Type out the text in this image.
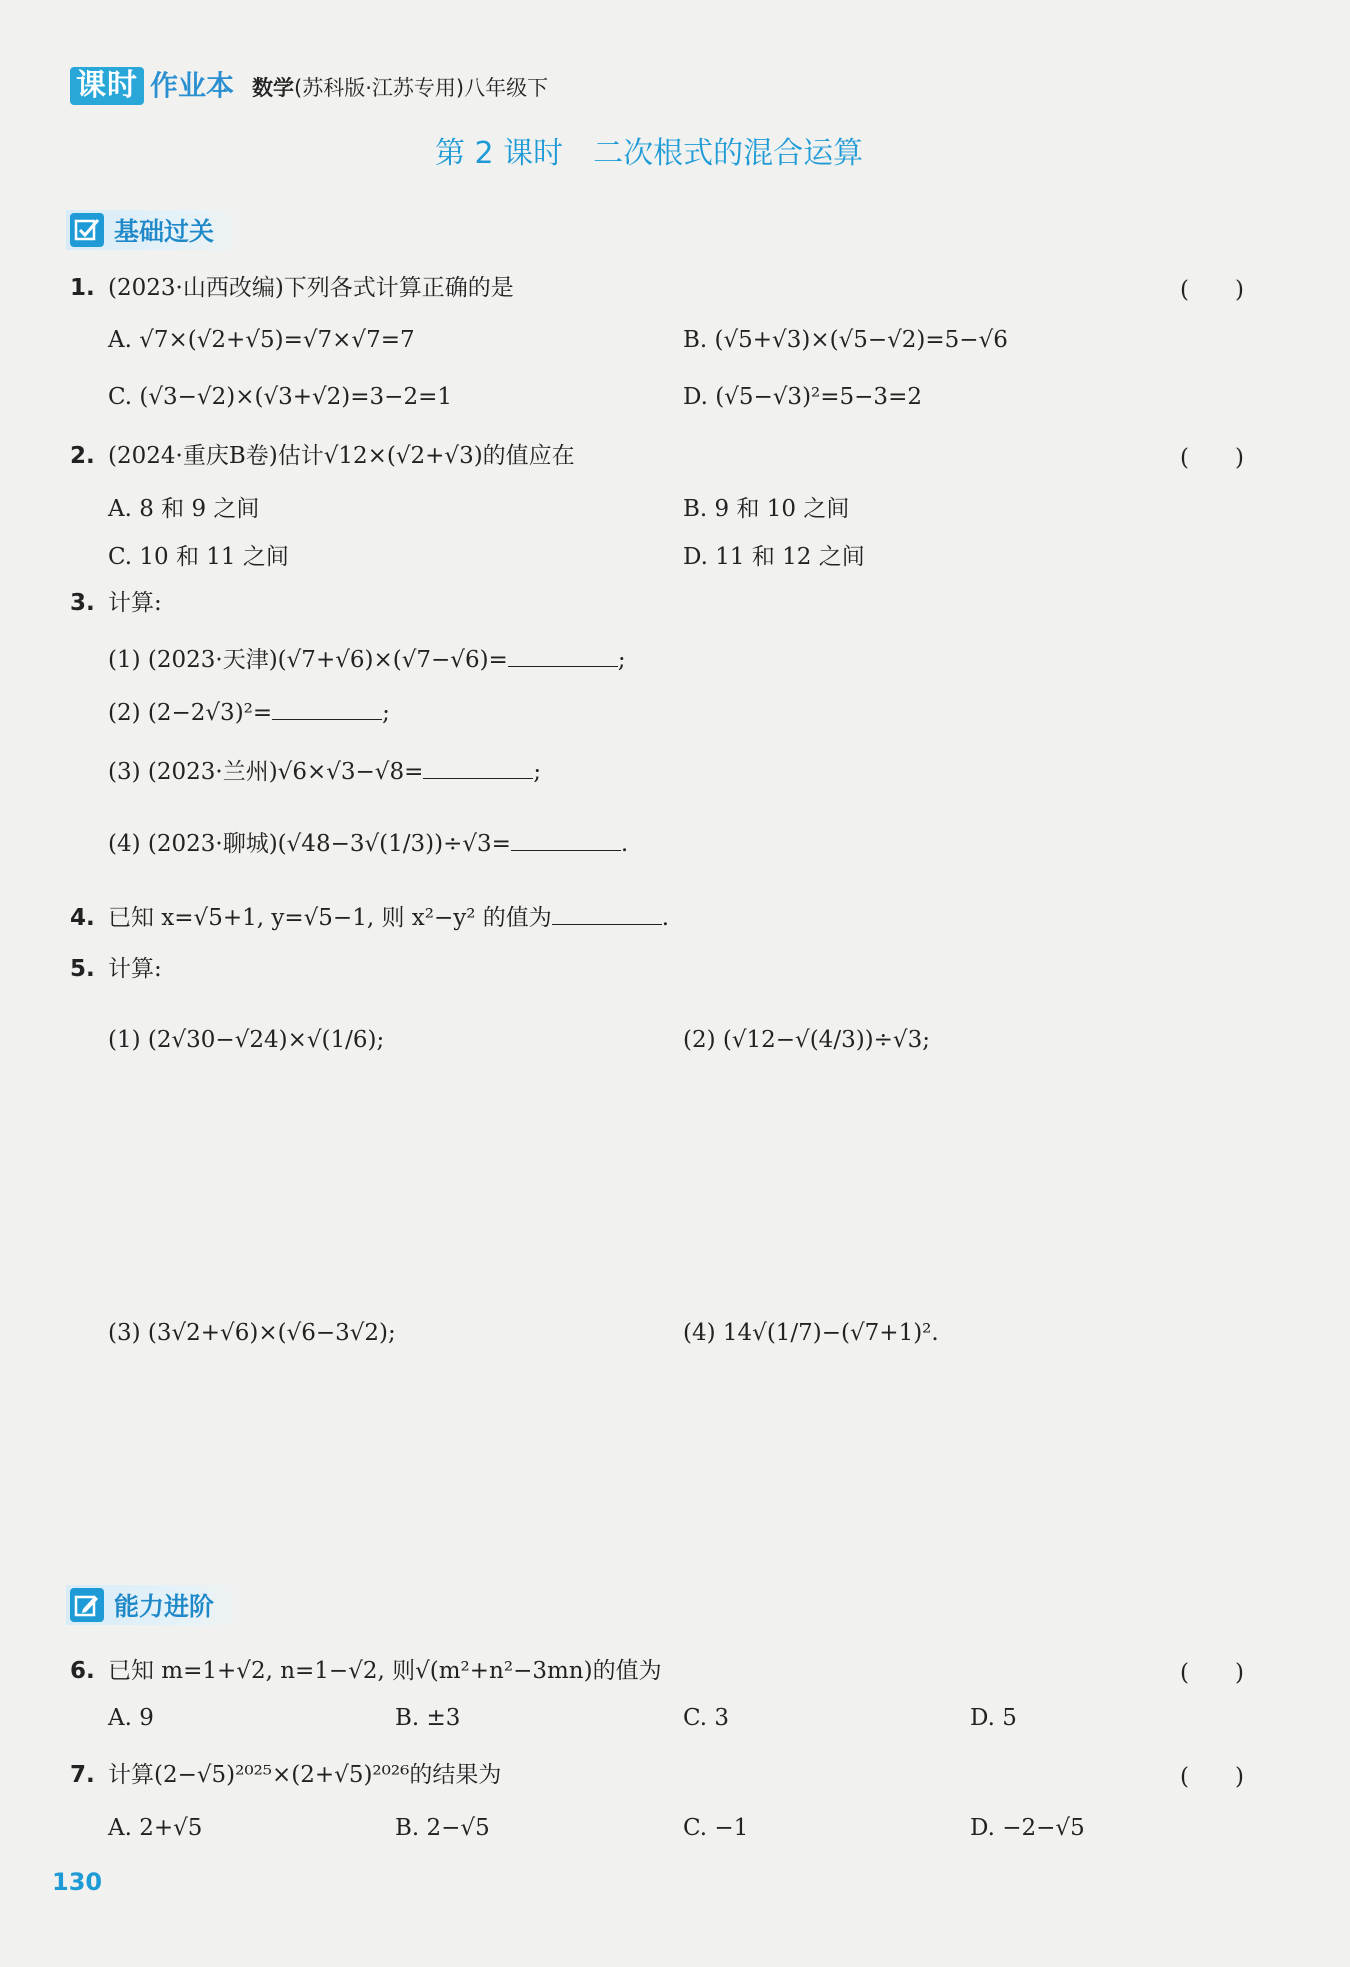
课时 作业本 数学(苏科版·江苏专用)八年级下
第 2 课时　二次根式的混合运算
基础过关
1. (2023·山西改编)下列各式计算正确的是	(　　)
A. √7×(√2+√5)=√7×√7=7	B. (√5+√3)×(√5−√2)=5−√6
C. (√3−√2)×(√3+√2)=3−2=1	D. (√5−√3)²=5−3=2
2. (2024·重庆B卷)估计√12×(√2+√3)的值应在	(　　)
A. 8 和 9 之间	B. 9 和 10 之间
C. 10 和 11 之间	D. 11 和 12 之间
3. 计算:
(1) (2023·天津)(√7+√6)×(√7−√6)=	;
(2) (2−2√3)²=	;
(3) (2023·兰州)√6×√3−√8=	;
(4) (2023·聊城)(√48−3√(1/3))÷√3=	.
4. 已知 x=√5+1, y=√5−1, 则 x²−y² 的值为	.
5. 计算:
(1) (2√30−√24)×√(1/6);	(2) (√12−√(4/3))÷√3;
(3) (3√2+√6)×(√6−3√2);	(4) 14√(1/7)−(√7+1)².
能力进阶
6. 已知 m=1+√2, n=1−√2, 则√(m²+n²−3mn)的值为	(　　)
A. 9	B. ±3	C. 3	D. 5
7. 计算(2−√5)²⁰²⁵×(2+√5)²⁰²⁶的结果为	(　　)
A. 2+√5	B. 2−√5	C. −1	D. −2−√5
130
